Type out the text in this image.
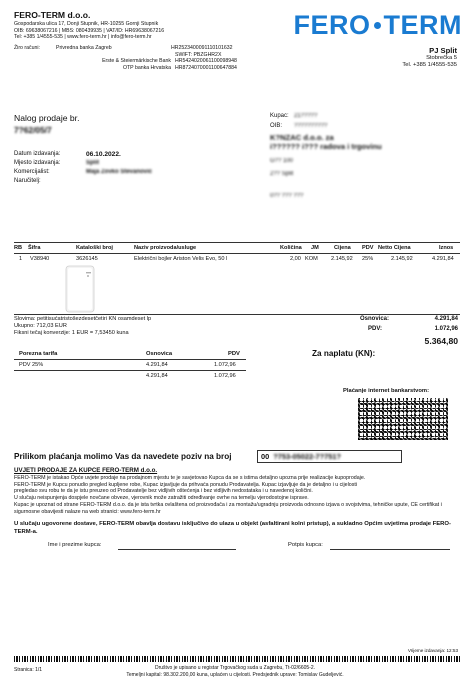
FERO-TERM d.o.o.
Gospodarska ulica 17, Donji Stupnik, HR-10255 Gornji Stupnik
OIB: 69638067216 | MBS: 080439935 | VAT/ID: HR69638067216
Tel: +385 1/4555-535 | www.fero-term.hr | info@fero-term.hr
Žiro računi:	Privredna banka Zagreb	HR2523400091110101632
SWIFT: PBZGHR2X
Erste & Steiermärkische Bank HR5424020061100098948
OTP banka Hrvatska HR8724070001100647884
FERO TERM
PJ Split
Stobrečka 5
Tel. +385 1/4555-535
Nalog prodaje br.
7?62/05/7
Datum izdavanja:	06.10.2022.
Mjesto izdavanja:	Split
Komercijalist:	Maja Zovko Stevanović
Naručitelj:
Kupac: 21?????
OIB:	??????????
K?NZAC d.o.o. za
i?????? i??? radova i trgovinu
G?? 100
2?? Split
0?? ??? ???
RB Šifra	Kataloški broj	Naziv proizvoda/usluge	Količina JM	Cijena PDV Netto Cijena	Iznos
1 V38940	3626145	Električni bojler Ariston Velis Evo, 50 l	2,00 KOM 2.145,92 25%	2.145,92	4.291,84
Slovima: petitisućatristošezdesetčetiri KN osamdeset lp
Ukupno: 712,03 EUR
Fiksni tečaj konverzije: 1 EUR = 7,53450 kuna
Osnovica:	4.291,84
PDV:	1.072,96
5.364,80
Porezna tarifa	Osnovica	PDV
PDV 25%	4.291,84	1.072,96
4.291,84	1.072,96
Za naplatu (KN):
Plaćanje internet bankarstvom:
Prilikom plaćanja molimo Vas da navedete poziv na broj	00 ?753-05022-7?751?
UVJETI PRODAJE ZA KUPCE FERO-TERM d.o.o.
FERO-TERM je istakao Opće uvjete prodaje na prodajnom mjestu te je savjetovao Kupca da se s istima detaljno upozna prije realizacije kupoprodaje.
FERO-TERM je Kupcu ponudio pregled kupljene robe, Kupac izjavljuje da prihvaća ponudu Prodavatelja. Kupac izjavljuje da je detaljno i u cijelosti
pregledao svu robu te da je istu preuzeo od Prodavatelje bez vidljivih oštećenja i bez vidljivih nedostataka i u navedenoj količini.
U slučaju neispunjenja dospjele novčane obveze, vjerovnik može zatražiti određivanje ovrhe na temelju vjerodostojne isprave.
Kupac je upoznat od strane FERO-TERM d.o.o. da je ista tvrtka ovlaštena od proizvođača i za montažu/ugradnju proizvoda odnosno izjava o svojstvima, tehničke upute, CE certifikat i
sigurnosne obavijesti nalaze na web stranici: www.fero-term.hr
U slučaju ugovorene dostave, FERO-TERM obavlja dostavu isključivo do ulaza u objekt (asfaltirani kolni pristup), a sukladno Općim uvjetima prodaje FERO-TERM-a.
Ime i prezime kupca:	Potpis kupca:
Vrijeme izdavanja: 12:53
Stranica: 1/1	Društvo je upisano u registar Trgovačkog suda u Zagrebu, Tt-02/6605-2.
Temeljni kapital: 98.302.200,00 kuna, uplaćen u cijelosti. Predsjednik uprave: Tomislav Gudeljević.
